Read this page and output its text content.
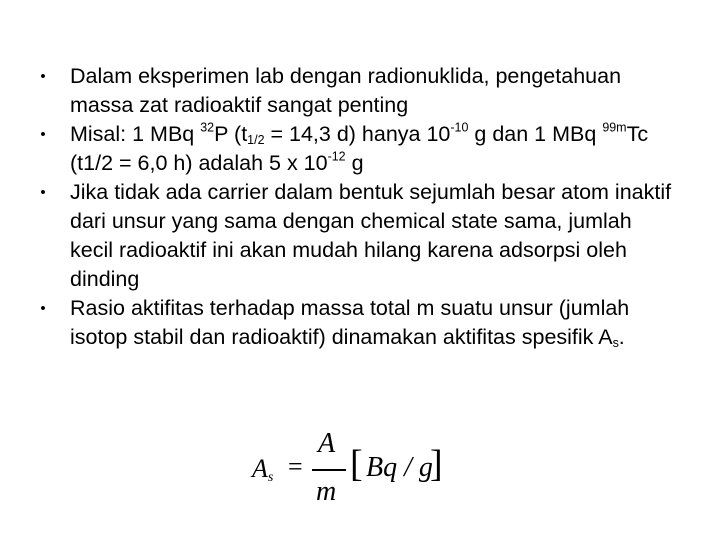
•	Dalam eksperimen lab dengan radionuklida, pengetahuan massa zat radioaktif sangat penting
•	Misal: 1 MBq $^{32}$P ($t_{1/2} = 14,3$ d) hanya $10^{-10}$ g dan 1 MBq $^{99m}$Tc (t1/2 = 6,0 h) adalah 5 x $10^{-12}$ g
•	Jika tidak ada carrier dalam bentuk sejumlah besar atom inaktif dari unsur yang sama dengan chemical state sama, jumlah kecil radioaktif ini akan mudah hilang karena adsorpsi oleh dinding
•	Rasio aktifitas terhadap massa total m suatu unsur (jumlah isotop stabil dan radioaktif) dinamakan aktifitas spesifik $A_s$.
$A_s$ =
A
m
[ Bq / g
]
